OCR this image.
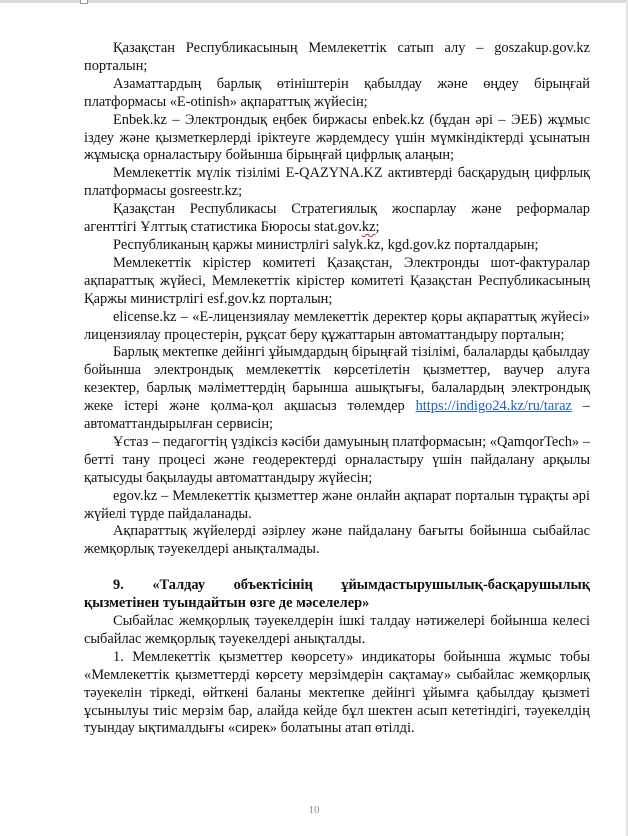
Қазақстан Республикасының Мемлекеттік сатып алу – goszakup.gov.kz порталын;

Азаматтардың барлық өтініштерін қабылдау және өңдеу бірыңғай платформасы «E-otinish» ақпараттық жүйесін;

Enbek.kz – Электрондық еңбек биржасы enbek.kz (бұдан әрі – ЭЕБ) жұмыс іздеу және қызметкерлерді іріктеуге жәрдемдесу үшін мүмкіндіктерді ұсынатын жұмысқа орналастыру бойынша бірыңғай цифрлық алаңын;

Мемлекеттік мүлік тізілімі E-QAZYNA.KZ активтерді басқарудың цифрлық платформасы gosreestr.kz;

Қазақстан Республикасы Стратегиялық жоспарлау және реформалар агенттігі Ұлттық статистика Бюросы stat.gov.kz;

Республиканың қаржы министрлігі salyk.kz, kgd.gov.kz порталдарын;

Мемлекеттік кірістер комитеті Қазақстан, Электронды шот-фактуралар ақпараттық жүйесі, Мемлекеттік кірістер комитеті Қазақстан Республикасының Қаржы министрлігі esf.gov.kz порталын;

elicense.kz – «Е-лицензиялау мемлекеттік деректер қоры ақпараттық жүйесі» лицензиялау процестерін, рұқсат беру құжаттарын автоматтандыру порталын;

Барлық мектепке дейінгі ұйымдардың бірыңғай тізілімі, балаларды қабылдау бойынша электрондық мемлекеттік көрсетілетін қызметтер, ваучер алуға кезектер, барлық мәліметтердің барынша ашықтығы, балалардың электрондық жеке істері және қолма-қол ақшасыз төлемдер https://indigo24.kz/ru/taraz – автоматтандырылған сервисін;

Ұстаз – педагогтің үздіксіз кәсіби дамуының платформасын; «QamqorTech» – бетті тану процесі және геодеректерді орналастыру үшін пайдалану арқылы қатысуды бақылауды автоматтандыру жүйесін;

egov.kz – Мемлекеттік қызметтер және онлайн ақпарат порталын тұрақты әрі жүйелі түрде пайдаланады.

Ақпараттық жүйелерді әзірлеу және пайдалану бағыты бойынша сыбайлас жемқорлық тәуекелдері анықталмады.

9. «Талдау объектісінің ұйымдастырушылық-басқарушылық қызметінен туындайтын өзге де мәселелер»

Сыбайлас жемқорлық тәуекелдерін ішкі талдау нәтижелері бойынша келесі сыбайлас жемқорлық тәуекелдері анықталды.

1. Мемлекеттік қызметтер көорсету» индикаторы бойынша жұмыс тобы «Мемлекеттік қызметтерді көрсету мерзімдерін сақтамау» сыбайлас жемқорлық тәуекелін тіркеді, өйткені баланы мектепке дейінгі ұйымға қабылдау қызметі ұсынылуы тиіс мерзім бар, алайда кейде бұл шектен асып кететіндігі, тәуекелдің туындау ықтималдығы «сирек» болатыны атап өтілді.

10
